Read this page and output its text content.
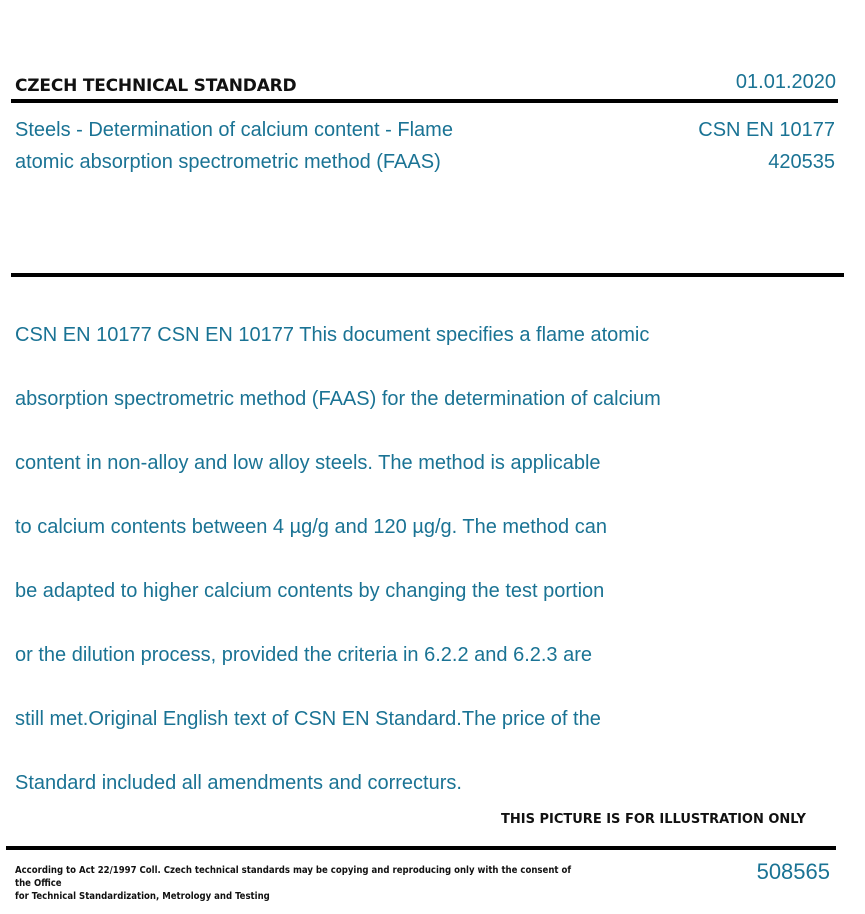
CZECH TECHNICAL STANDARD	01.01.2020
Steels - Determination of calcium content - Flame
atomic absorption spectrometric method (FAAS)
CSN EN 10177
420535

CSN EN 10177 CSN EN 10177 This document specifies a flame atomic

absorption spectrometric method (FAAS) for the determination of calcium

content in non-alloy and low alloy steels. The method is applicable

to calcium contents between 4 µg/g and 120 µg/g. The method can

be adapted to higher calcium contents by changing the test portion

or the dilution process, provided the criteria in 6.2.2 and 6.2.3 are

still met.Original English text of CSN EN Standard.The price of the

Standard included all amendments and correcturs.

THIS PICTURE IS FOR ILLUSTRATION ONLY
According to Act 22/1997 Coll. Czech technical standards may be copying and reproducing only with the consent of the Office
for Technical Standardization, Metrology and Testing
508565
